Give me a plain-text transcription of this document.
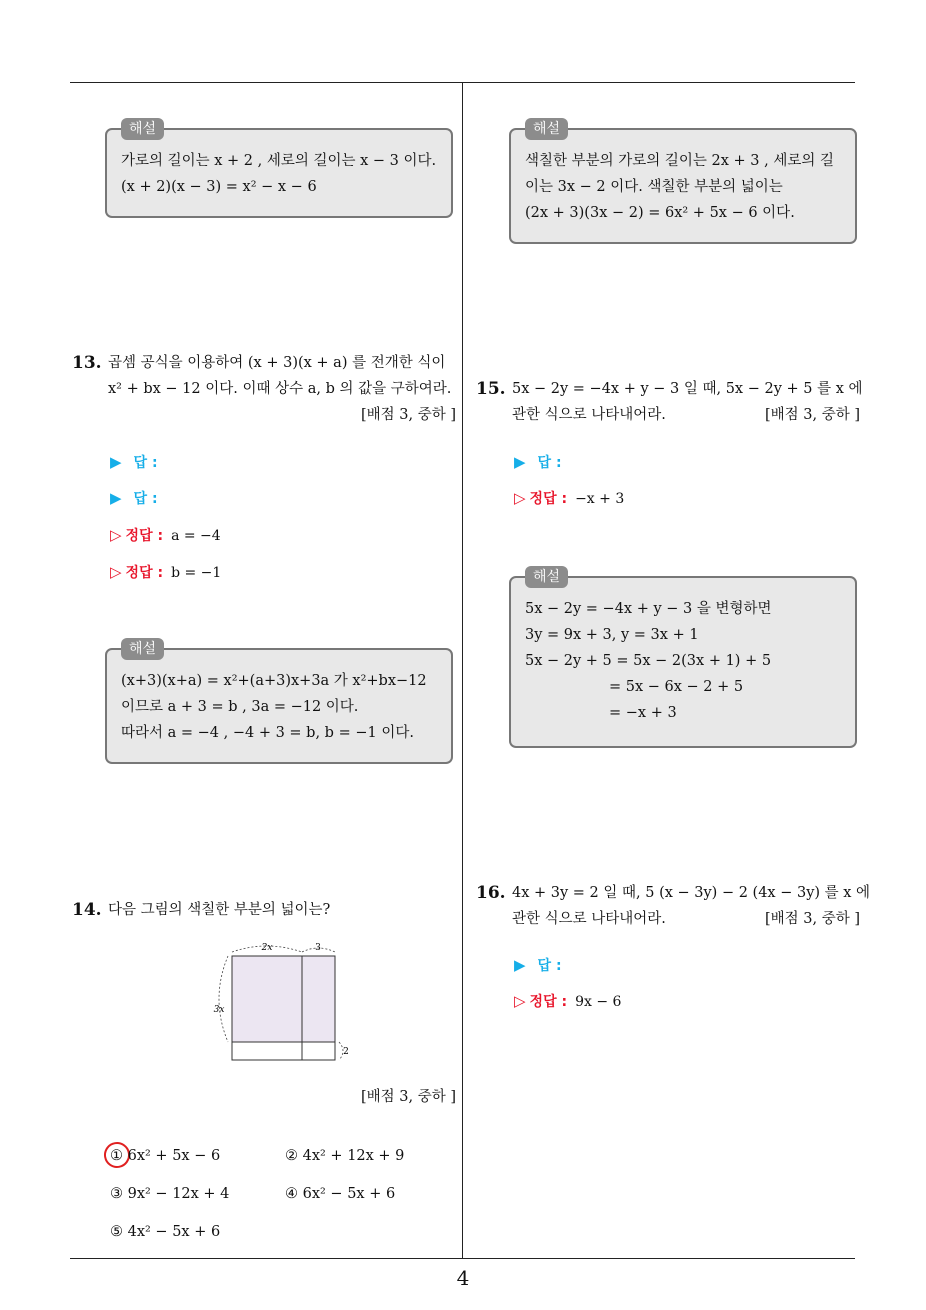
해설
가로의 길이는 x + 2 , 세로의 길이는 x − 3 이다.
(x + 2)(x − 3) = x² − x − 6
13. 곱셈 공식을 이용하여 (x + 3)(x + a) 를 전개한 식이
x² + bx − 12 이다. 이때 상수 a, b 의 값을 구하여라.
[배점 3, 중하 ]
▶ 답 :
▶ 답 :
▷ 정답 : a = −4
▷ 정답 : b = −1
해설
(x+3)(x+a) = x²+(a+3)x+3a 가 x²+bx−12
이므로 a + 3 = b , 3a = −12 이다.
따라서 a = −4 , −4 + 3 = b, b = −1 이다.
14. 다음 그림의 색칠한 부분의 넓이는?
2x	3
3x
2
[배점 3, 중하 ]
① 6x² + 5x − 6	② 4x² + 12x + 9
③ 9x² − 12x + 4	④ 6x² − 5x + 6
⑤ 4x² − 5x + 6
해설
색칠한 부분의 가로의 길이는 2x + 3 , 세로의 길
이는 3x − 2 이다. 색칠한 부분의 넓이는
(2x + 3)(3x − 2) = 6x² + 5x − 6 이다.
15. 5x − 2y = −4x + y − 3 일 때, 5x − 2y + 5 를 x 에
관한 식으로 나타내어라.	[배점 3, 중하 ]
▶ 답 :
▷ 정답 : −x + 3
해설
5x − 2y = −4x + y − 3 을 변형하면
3y = 9x + 3, y = 3x + 1
5x − 2y + 5 = 5x − 2(3x + 1) + 5
= 5x − 6x − 2 + 5
= −x + 3
16. 4x + 3y = 2 일 때, 5 (x − 3y) − 2 (4x − 3y) 를 x 에
관한 식으로 나타내어라.	[배점 3, 중하 ]
▶ 답 :
▷ 정답 : 9x − 6
4
